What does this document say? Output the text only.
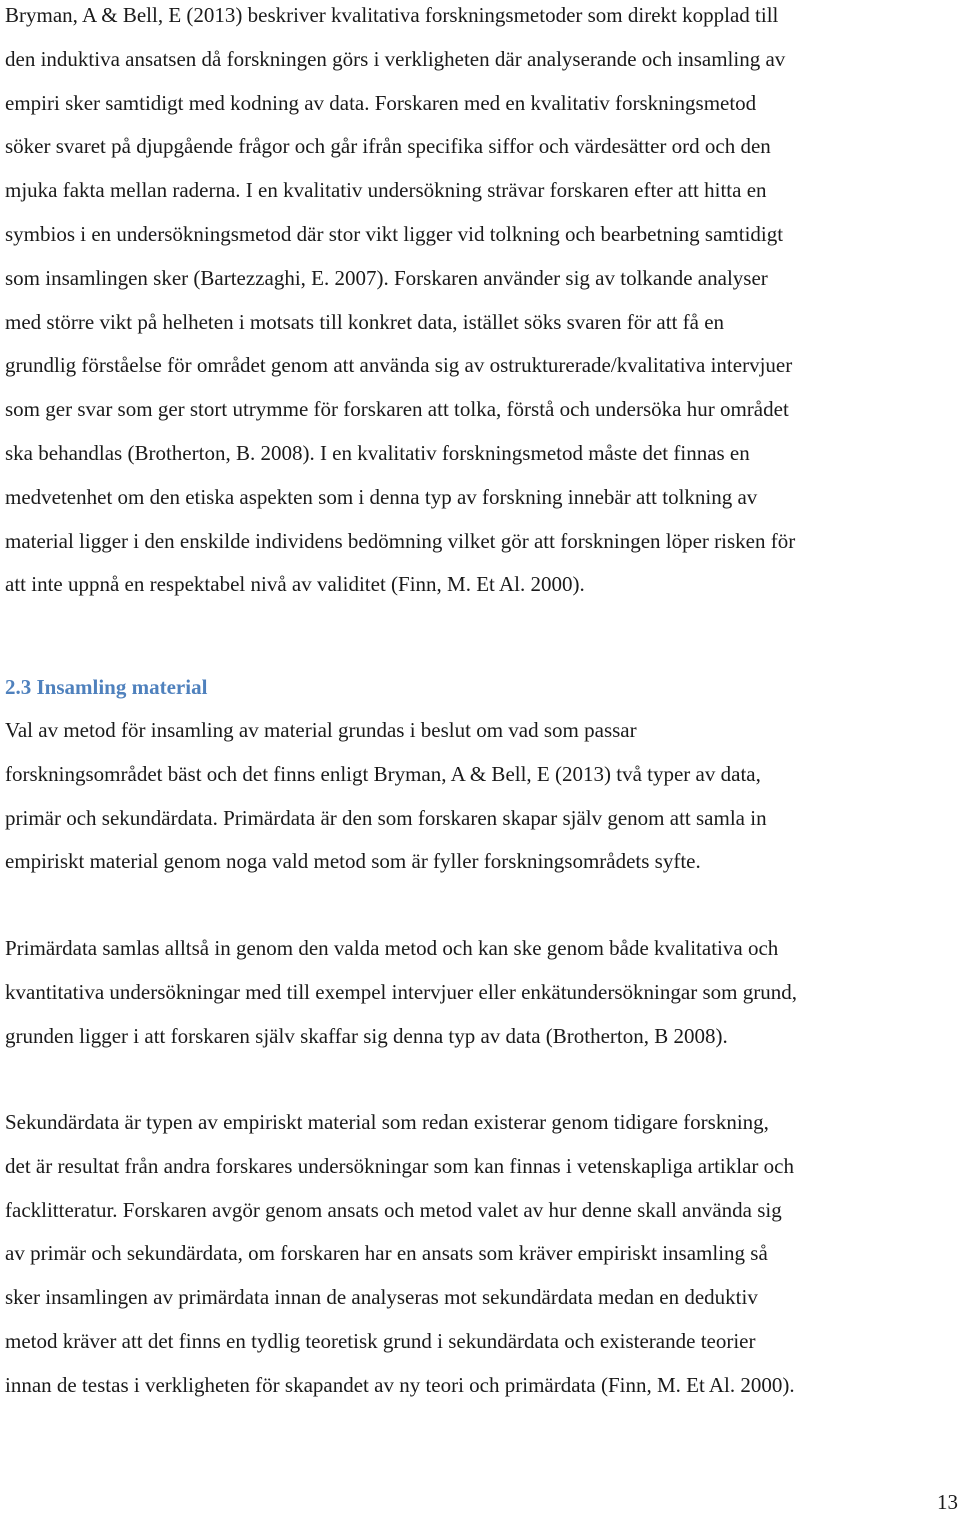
Bryman, A & Bell, E (2013) beskriver kvalitativa forskningsmetoder som direkt kopplad till
den induktiva ansatsen då forskningen görs i verkligheten där analyserande och insamling av
empiri sker samtidigt med kodning av data. Forskaren med en kvalitativ forskningsmetod
söker svaret på djupgående frågor och går ifrån specifika siffor och värdesätter ord och den
mjuka fakta mellan raderna. I en kvalitativ undersökning strävar forskaren efter att hitta en
symbios i en undersökningsmetod där stor vikt ligger vid tolkning och bearbetning samtidigt
som insamlingen sker (Bartezzaghi, E. 2007). Forskaren använder sig av tolkande analyser
med större vikt på helheten i motsats till konkret data, istället söks svaren för att få en
grundlig förståelse för området genom att använda sig av ostrukturerade/kvalitativa intervjuer
som ger svar som ger stort utrymme för forskaren att tolka, förstå och undersöka hur området
ska behandlas (Brotherton, B. 2008). I en kvalitativ forskningsmetod måste det finnas en
medvetenhet om den etiska aspekten som i denna typ av forskning innebär att tolkning av
material ligger i den enskilde individens bedömning vilket gör att forskningen löper risken för
att inte uppnå en respektabel nivå av validitet (Finn, M. Et Al. 2000).

2.3 Insamling material

Val av metod för insamling av material grundas i beslut om vad som passar
forskningsområdet bäst och det finns enligt Bryman, A & Bell, E (2013) två typer av data,
primär och sekundärdata. Primärdata är den som forskaren skapar själv genom att samla in
empiriskt material genom noga vald metod som är fyller forskningsområdets syfte.

Primärdata samlas alltså in genom den valda metod och kan ske genom både kvalitativa och
kvantitativa undersökningar med till exempel intervjuer eller enkätundersökningar som grund,
grunden ligger i att forskaren själv skaffar sig denna typ av data (Brotherton, B 2008).

Sekundärdata är typen av empiriskt material som redan existerar genom tidigare forskning,
det är resultat från andra forskares undersökningar som kan finnas i vetenskapliga artiklar och
facklitteratur. Forskaren avgör genom ansats och metod valet av hur denne skall använda sig
av primär och sekundärdata, om forskaren har en ansats som kräver empiriskt insamling så
sker insamlingen av primärdata innan de analyseras mot sekundärdata medan en deduktiv
metod kräver att det finns en tydlig teoretisk grund i sekundärdata och existerande teorier
innan de testas i verkligheten för skapandet av ny teori och primärdata (Finn, M. Et Al. 2000).

13
